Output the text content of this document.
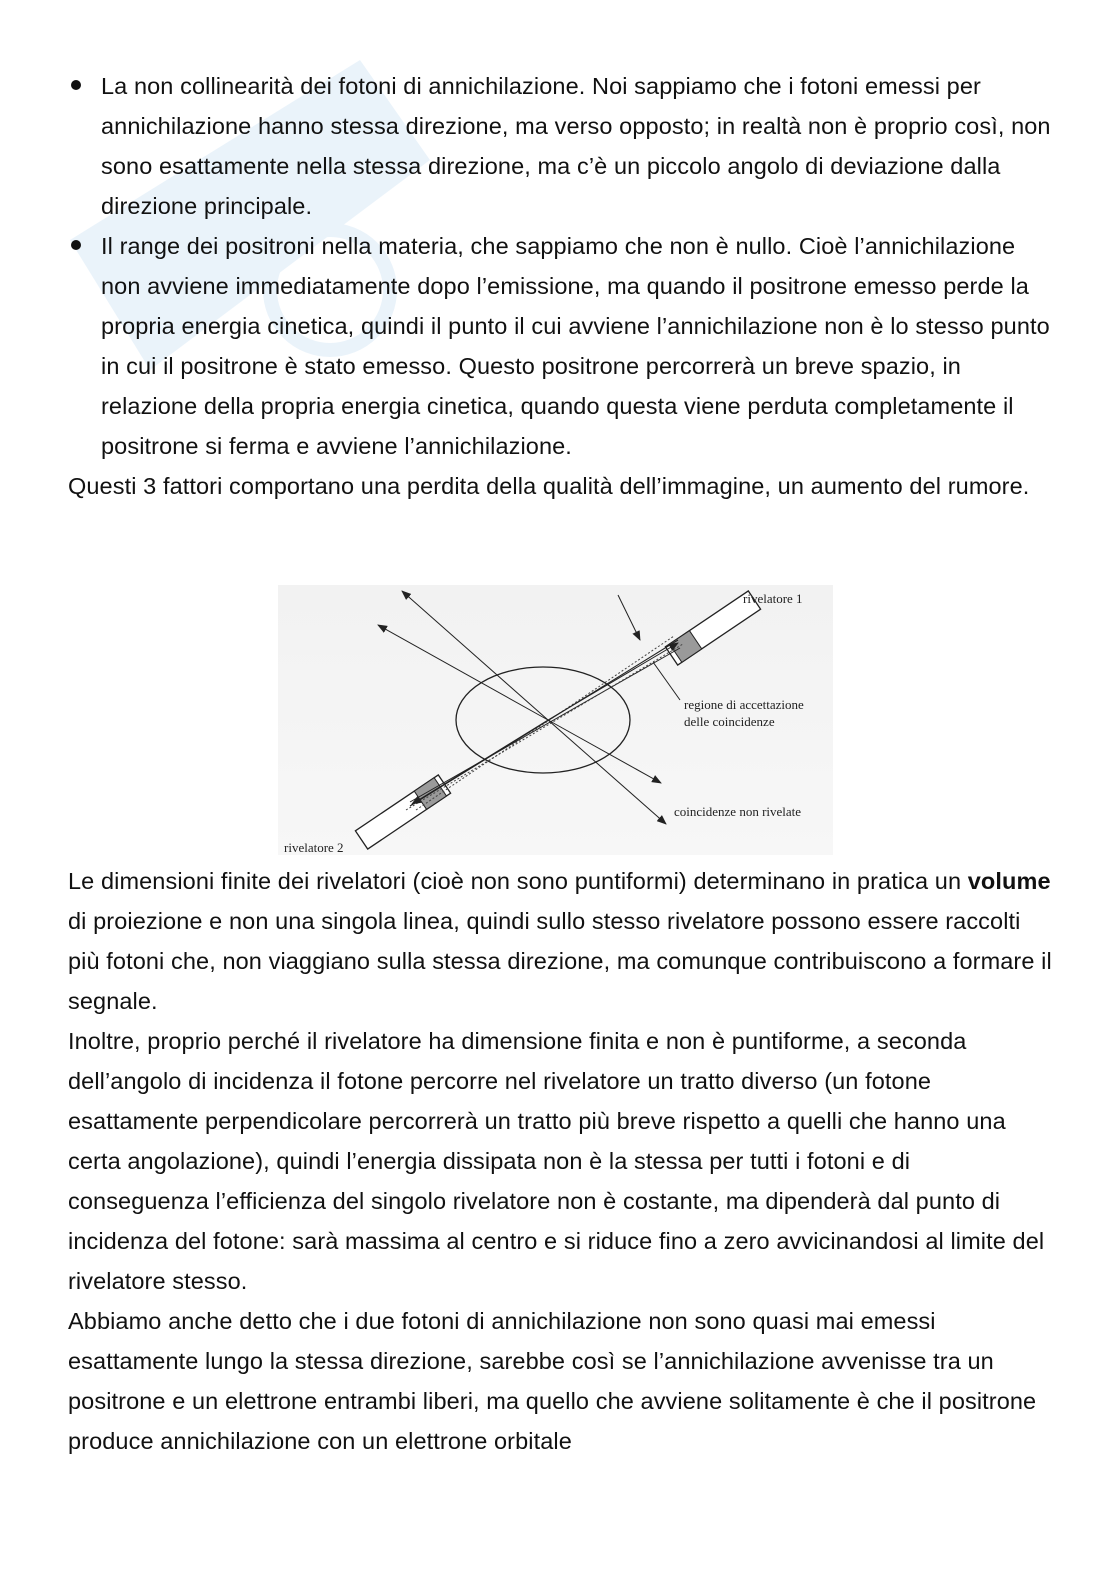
La non collinearità dei fotoni di annichilazione. Noi sappiamo che i fotoni emessi per annichilazione hanno stessa direzione, ma verso opposto; in realtà non è proprio così, non sono esattamente nella stessa direzione, ma c’è un piccolo angolo di deviazione dalla direzione principale.
Il range dei positroni nella materia, che sappiamo che non è nullo. Cioè l’annichilazione non avviene immediatamente dopo l’emissione, ma quando il positrone emesso perde la propria energia cinetica, quindi il punto il cui avviene l’annichilazione non è lo stesso punto in cui il positrone è stato emesso. Questo positrone percorrerà un breve spazio, in relazione della propria energia cinetica, quando questa viene perduta completamente il positrone si ferma e avviene l’annichilazione.

Questi 3 fattori comportano una perdita della qualità dell’immagine, un aumento del rumore.

rivelatore 1
regione di accettazione
delle coincidenze
coincidenze non rivelate
rivelatore 2

Le dimensioni finite dei rivelatori (cioè non sono puntiformi) determinano in pratica un volume di proiezione e non una singola linea, quindi sullo stesso rivelatore possono essere raccolti più fotoni che, non viaggiano sulla stessa direzione, ma comunque contribuiscono a formare il segnale.

Inoltre, proprio perché il rivelatore ha dimensione finita e non è puntiforme, a seconda dell’angolo di incidenza il fotone percorre nel rivelatore un tratto diverso (un fotone esattamente perpendicolare percorrerà un tratto più breve rispetto a quelli che hanno una certa angolazione), quindi l’energia dissipata non è la stessa per tutti i fotoni e di conseguenza l’efficienza del singolo rivelatore non è costante, ma dipenderà dal punto di incidenza del fotone: sarà massima al centro e si riduce fino a zero avvicinandosi al limite del rivelatore stesso.

Abbiamo anche detto che i due fotoni di annichilazione non sono quasi mai emessi esattamente lungo la stessa direzione, sarebbe così se l’annichilazione avvenisse tra un positrone e un elettrone entrambi liberi, ma quello che avviene solitamente è che il positrone produce annichilazione con un elettrone orbitale
